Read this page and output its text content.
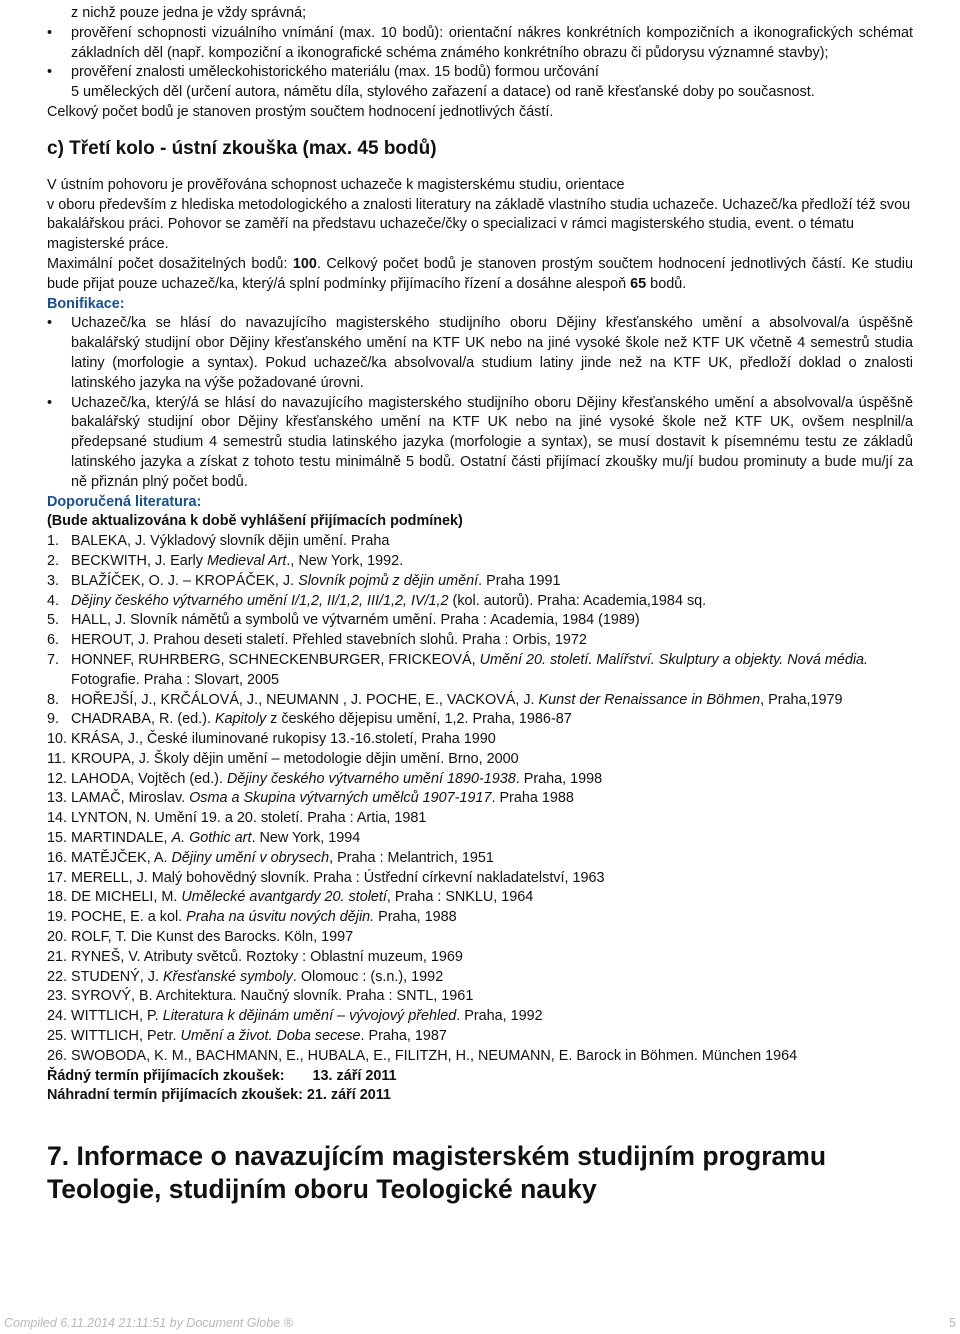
z nichž pouze jedna je vždy správná;

• prověření schopnosti vizuálního vnímání (max. 10 bodů): orientační nákres konkrétních kompozičních a ikonografických schémat základních děl (např. kompoziční a ikonografické schéma známého konkrétního obrazu či půdorysu významné stavby);

• prověření znalosti uměleckohistorického materiálu (max. 15 bodů) formou určování

5 uměleckých děl (určení autora, námětu díla, stylového zařazení a datace) od raně křesťanské doby po současnost.

Celkový počet bodů je stanoven prostým součtem hodnocení jednotlivých částí.

c) Třetí kolo - ústní zkouška (max. 45 bodů)

V ústním pohovoru je prověřována schopnost uchazeče k magisterskému studiu, orientace

v oboru především z hlediska metodologického a znalosti literatury na základě vlastního studia uchazeče. Uchazeč/ka předloží též svou bakalářskou práci. Pohovor se zaměří na představu uchazeče/čky o specializaci v rámci magisterského studia, event. o tématu magisterské práce.

Maximální počet dosažitelných bodů: 100. Celkový počet bodů je stanoven prostým součtem hodnocení jednotlivých částí. Ke studiu bude přijat pouze uchazeč/ka, který/á splní podmínky přijímacího řízení a dosáhne alespoň 65 bodů.

Bonifikace:

• Uchazeč/ka se hlásí do navazujícího magisterského studijního oboru Dějiny křesťanského umění a absolvoval/a úspěšně bakalářský studijní obor Dějiny křesťanského umění na KTF UK nebo na jiné vysoké škole než KTF UK včetně 4 semestrů studia latiny (morfologie a syntax). Pokud uchazeč/ka absolvoval/a studium latiny jinde než na KTF UK, předloží doklad o znalosti latinského jazyka na výše požadované úrovni.

• Uchazeč/ka, který/á se hlásí do navazujícího magisterského studijního oboru Dějiny křesťanského umění a absolvoval/a úspěšně bakalářský studijní obor Dějiny křesťanského umění na KTF UK nebo na jiné vysoké škole než KTF UK, ovšem nesplnil/a předepsané studium 4 semestrů studia latinského jazyka (morfologie a syntax), se musí dostavit k písemnému testu ze základů latinského jazyka a získat z tohoto testu minimálně 5 bodů. Ostatní části přijímací zkoušky mu/jí budou prominuty a bude mu/jí za ně přiznán plný počet bodů.

Doporučená literatura:

(Bude aktualizována k době vyhlášení přijímacích podmínek)

1. BALEKA, J. Výkladový slovník dějin umění. Praha
2. BECKWITH, J. Early Medieval Art., New York, 1992.
3. BLAŽÍČEK, O. J. – KROPÁČEK, J. Slovník pojmů z dějin umění. Praha 1991
4. Dějiny českého výtvarného umění I/1,2, II/1,2, III/1,2, IV/1,2 (kol. autorů). Praha: Academia,1984 sq.
5. HALL, J. Slovník námětů a symbolů ve výtvarném umění. Praha : Academia, 1984 (1989)
6. HEROUT, J. Prahou deseti staletí. Přehled stavebních slohů. Praha : Orbis, 1972
7. HONNEF, RUHRBERG, SCHNECKENBURGER, FRICKEOVÁ, Umění 20. století. Malířství. Skulptury a objekty. Nová média. Fotografie. Praha : Slovart, 2005
8. HOŘEJŠÍ, J., KRČÁLOVÁ, J., NEUMANN , J. POCHE, E., VACKOVÁ, J. Kunst der Renaissance in Böhmen, Praha,1979
9. CHADRABA, R. (ed.). Kapitoly z českého dějepisu umění, 1,2. Praha, 1986-87
10. KRÁSA, J., České iluminované rukopisy 13.-16.století, Praha 1990
11. KROUPA, J. Školy dějin umění – metodologie dějin umění. Brno, 2000
12. LAHODA, Vojtěch (ed.). Dějiny českého výtvarného umění 1890-1938. Praha, 1998
13. LAMAČ, Miroslav. Osma a Skupina výtvarných umělců 1907-1917. Praha 1988
14. LYNTON, N. Umění 19. a 20. století. Praha : Artia, 1981
15. MARTINDALE, A. Gothic art. New York, 1994
16. MATĚJČEK, A. Dějiny umění v obrysech, Praha : Melantrich, 1951
17. MERELL, J. Malý bohovědný slovník. Praha : Ústřední církevní nakladatelství, 1963
18. DE MICHELI, M. Umělecké avantgardy 20. století, Praha : SNKLU, 1964
19. POCHE, E. a kol. Praha na úsvitu nových dějin. Praha, 1988
20. ROLF, T. Die Kunst des Barocks. Köln, 1997
21. RYNEŠ, V. Atributy světců. Roztoky : Oblastní muzeum, 1969
22. STUDENÝ, J. Křesťanské symboly. Olomouc : (s.n.), 1992
23. SYROVÝ, B. Architektura. Naučný slovník. Praha : SNTL, 1961
24. WITTLICH, P. Literatura k dějinám umění – vývojový přehled. Praha, 1992
25. WITTLICH, Petr. Umění a život. Doba secese. Praha, 1987
26. SWOBODA, K. M., BACHMANN, E., HUBALA, E., FILITZH, H., NEUMANN, E. Barock in Böhmen. München 1964

Řádný termín přijímacích zkoušek: 13. září 2011

Náhradní termín přijímacích zkoušek: 21. září 2011

7. Informace o navazujícím magisterském studijním programu Teologie, studijním oboru Teologické nauky

Compiled 6.11.2014 21:11:51 by Document Globe ®	5
